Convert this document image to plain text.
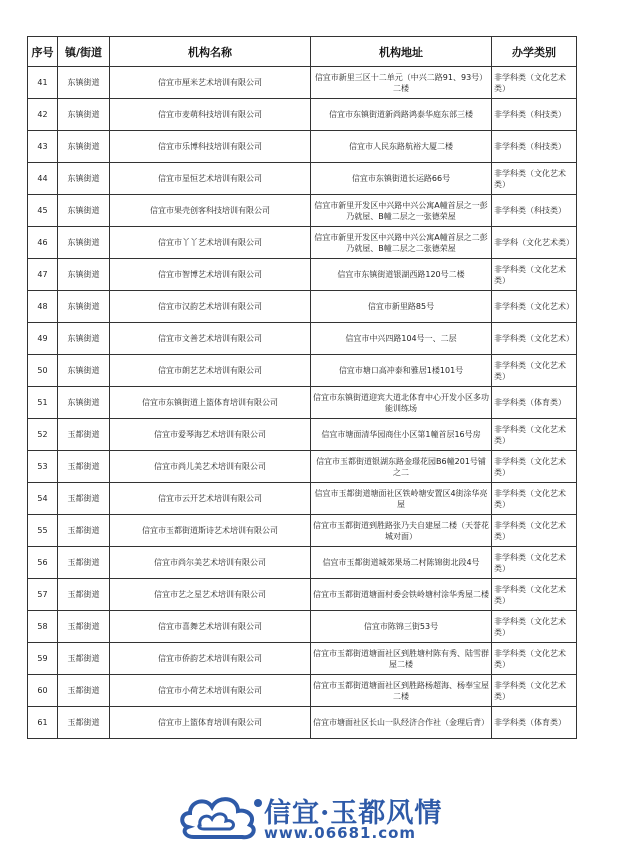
序号	镇/街道	机构名称	机构地址	办学类别
41	东镇街道	信宜市厘米艺术培训有限公司	信宜市新里三区十二单元（中兴二路91、93号）二楼	非学科类（文化艺术类）
42	东镇街道	信宜市麦萌科技培训有限公司	信宜市东镇街道新尚路鸿泰华庭东部三楼	非学科类（科技类）
43	东镇街道	信宜市乐博科技培训有限公司	信宜市人民东路航裕大厦二楼	非学科类（科技类）
44	东镇街道	信宜市星恒艺术培训有限公司	信宜市东镇街道长运路66号	非学科类（文化艺术类）
45	东镇街道	信宜市果壳创客科技培训有限公司	信宜市新里开发区中兴路中兴公寓A幢首层之一彭乃就屋、B幢二层之一张德荣屋	非学科类（科技类）
46	东镇街道	信宜市丫丫艺术培训有限公司	信宜市新里开发区中兴路中兴公寓A幢首层之二彭乃就屋、B幢二层之二张德荣屋	非学科（文化艺术类）
47	东镇街道	信宜市智博艺术培训有限公司	信宜市东镇街道银湖西路120号二楼	非学科类（文化艺术类）
48	东镇街道	信宜市汉韵艺术培训有限公司	信宜市新里路85号	非学科类（文化艺术）
49	东镇街道	信宜市文善艺术培训有限公司	信宜市中兴四路104号一、二层	非学科类（文化艺术）
50	东镇街道	信宜市朗艺艺术培训有限公司	信宜市塘口高冲泰和雅居1楼101号	非学科类（文化艺术类）
51	东镇街道	信宜市东镇街道上篮体育培训有限公司	信宜市东镇街道迎宾大道北体育中心开发小区多功能训练场	非学科类（体育类）
52	玉都街道	信宜市爱琴海艺术培训有限公司	信宜市塘面清华园商住小区第1幢首层16号房	非学科类（文化艺术类）
53	玉都街道	信宜市尚儿美艺术培训有限公司	信宜市玉都街道银湖东路金璟花园B6幢201号铺之二	非学科类（文化艺术类）
54	玉都街道	信宜市云开艺术培训有限公司	信宜市玉都街道塘面社区铁岭塘安置区4街涂华亮屋	非学科类（文化艺术类）
55	玉都街道	信宜市玉都街道斯诗艺术培训有限公司	信宜市玉都街道到胜路张乃夫自建屋二楼（天誉花城对面）	非学科类（文化艺术类）
56	玉都街道	信宜市尚尔美艺术培训有限公司	信宜市玉都街道城郊果场二村陈锦街北段4号	非学科类（文化艺术类）
57	玉都街道	信宜市艺之星艺术培训有限公司	信宜市玉都街道塘面村委会铁岭塘村涂华秀屋二楼	非学科类（文化艺术类）
58	玉都街道	信宜市喜舞艺术培训有限公司	信宜市陈锦三街53号	非学科类（文化艺术类）
59	玉都街道	信宜市侨韵艺术培训有限公司	信宜市玉都街道塘面社区到胜塘村陈有秀、陆雪群屋二楼	非学科类（文化艺术类）
60	玉都街道	信宜市小荷艺术培训有限公司	信宜市玉都街道塘面社区到胜路杨超海、杨奉宝屋二楼	非学科类（文化艺术类）
61	玉都街道	信宜市上篮体育培训有限公司	信宜市塘面社区长山一队经济合作社（金理后背）	非学科类（体育类）
信宜·玉都风情
www.06681.com
